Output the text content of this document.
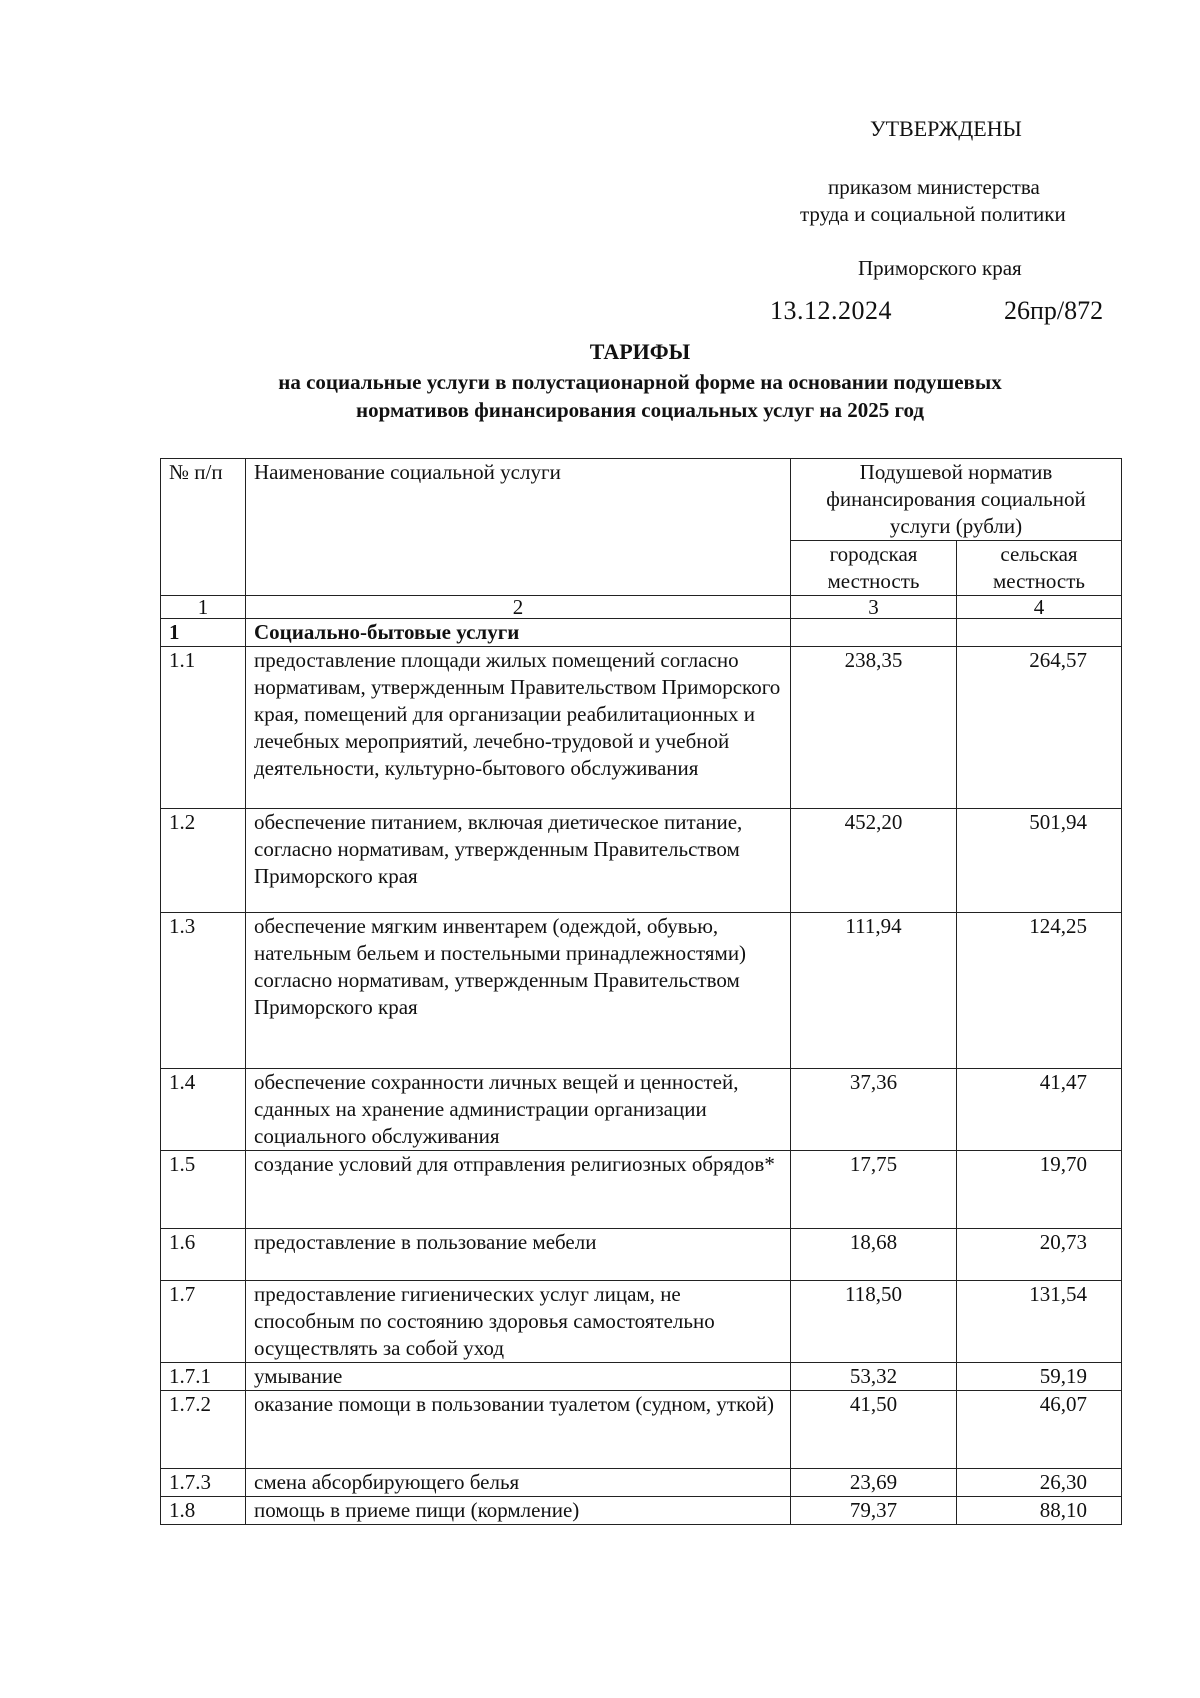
УТВЕРЖДЕНЫ
приказом министерства
труда и социальной политики
Приморского края
13.12.2024	26пр/872
ТАРИФЫ
на социальные услуги в полустационарной форме на основании подушевых
нормативов финансирования социальных услуг на 2025 год
№ п/п	Наименование социальной услуги	Подушевой норматив финансирования социальной услуги (рубли)	
		городская местность	сельская местность
1	2	3	4
1	Социально-бытовые услуги		
1.1	предоставление площади жилых помещений согласно нормативам, утвержденным Правительством Приморского края, помещений для организации реабилитационных и лечебных мероприятий, лечебно-трудовой и учебной деятельности, культурно-бытового обслуживания	238,35	264,57
1.2	обеспечение питанием, включая диетическое питание, согласно нормативам, утвержденным Правительством Приморского края	452,20	501,94
1.3	обеспечение мягким инвентарем (одеждой, обувью, нательным бельем и постельными принадлежностями) согласно нормативам, утвержденным Правительством Приморского края	111,94	124,25
1.4	обеспечение сохранности личных вещей и ценностей, сданных на хранение администрации организации социального обслуживания	37,36	41,47
1.5	создание условий для отправления религиозных обрядов*	17,75	19,70
1.6	предоставление в пользование мебели	18,68	20,73
1.7	предоставление гигиенических услуг лицам, не способным по состоянию здоровья самостоятельно осуществлять за собой уход	118,50	131,54
1.7.1	умывание	53,32	59,19
1.7.2	оказание помощи в пользовании туалетом (судном, уткой)	41,50	46,07
1.7.3	смена абсорбирующего белья	23,69	26,30
1.8	помощь в приеме пищи (кормление)	79,37	88,10
